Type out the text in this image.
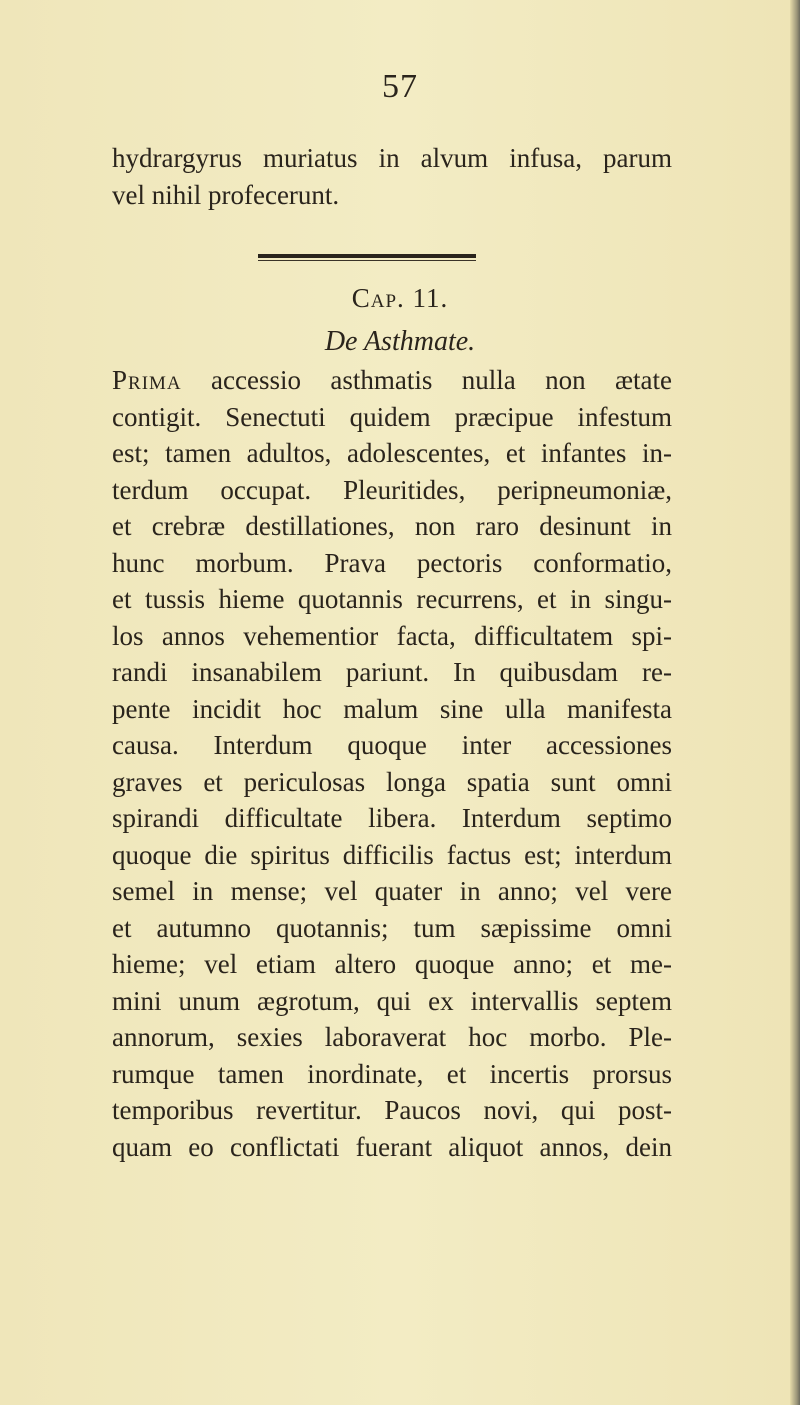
57
hydrargyrus muriatus in alvum infusa, parum
vel nihil profecerunt.
Cap. 11.
De Asthmate.
Prima accessio asthmatis nulla non ætate
contigit. Senectuti quidem præcipue infestum
est; tamen adultos, adolescentes, et infantes in-
terdum occupat. Pleuritides, peripneumoniæ,
et crebræ destillationes, non raro desinunt in
hunc morbum. Prava pectoris conformatio,
et tussis hieme quotannis recurrens, et in singu-
los annos vehementior facta, difficultatem spi-
randi insanabilem pariunt. In quibusdam re-
pente incidit hoc malum sine ulla manifesta
causa. Interdum quoque inter accessiones
graves et periculosas longa spatia sunt omni
spirandi difficultate libera. Interdum septimo
quoque die spiritus difficilis factus est; interdum
semel in mense; vel quater in anno; vel vere
et autumno quotannis; tum sæpissime omni
hieme; vel etiam altero quoque anno; et me-
mini unum ægrotum, qui ex intervallis septem
annorum, sexies laboraverat hoc morbo. Ple-
rumque tamen inordinate, et incertis prorsus
temporibus revertitur. Paucos novi, qui post-
quam eo conflictati fuerant aliquot annos, dein
